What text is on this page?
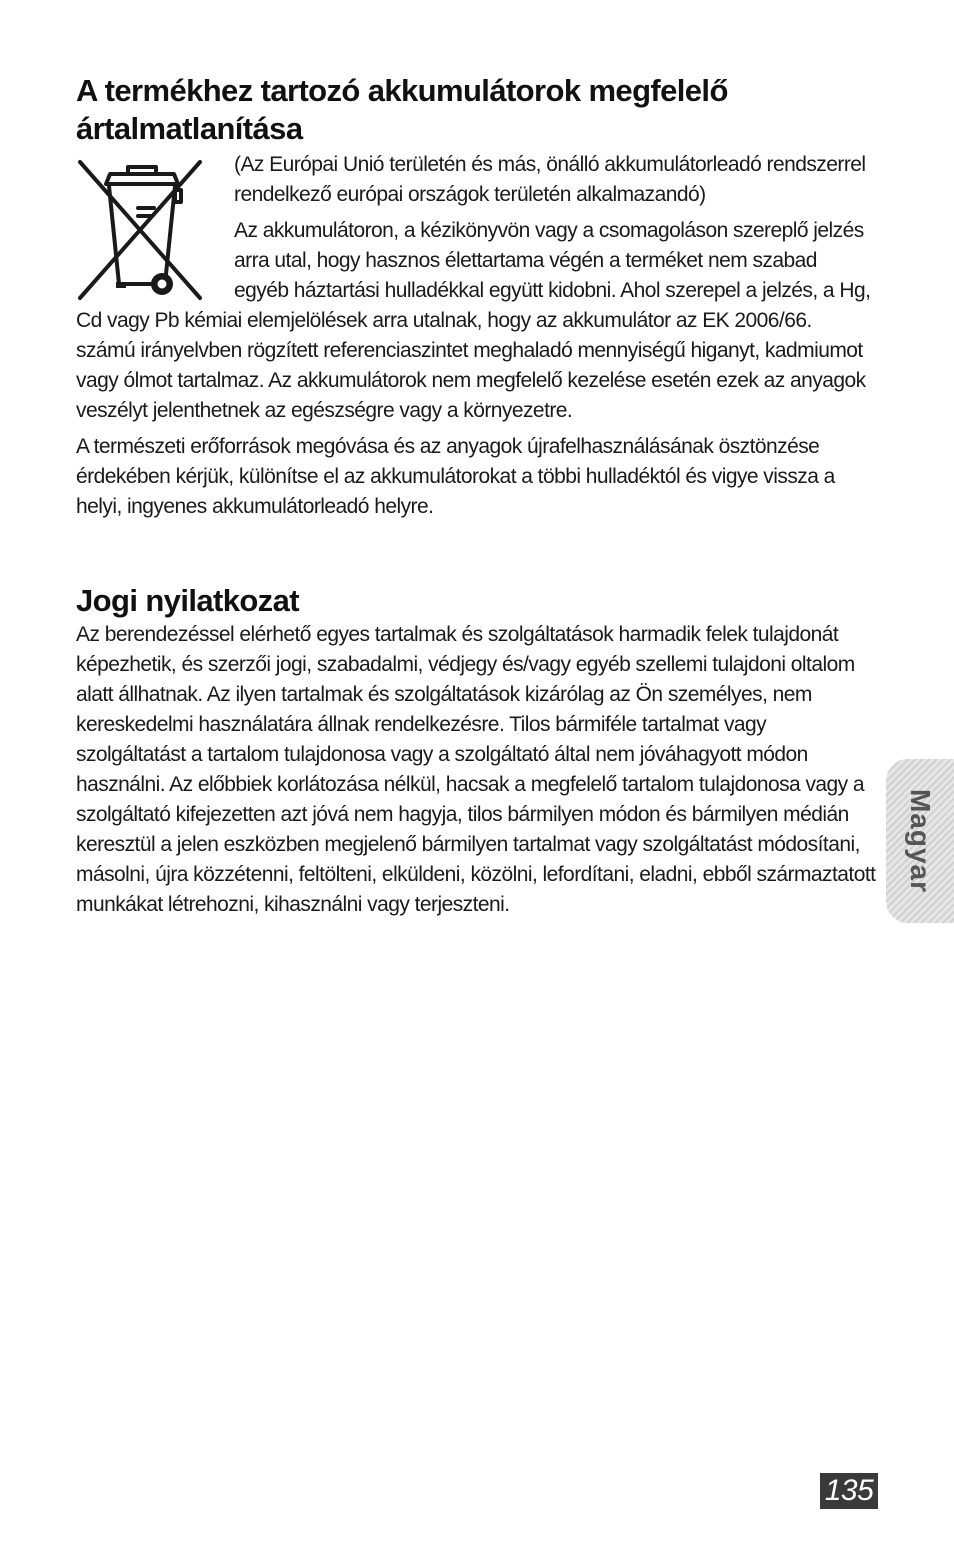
A termékhez tartozó akkumulátorok megfelelő ártalmatlanítása

(Az Európai Unió területén és más, önálló akkumulátorleadó rendszerrel rendelkező európai országok területén alkalmazandó)

Az akkumulátoron, a kézikönyvön vagy a csomagoláson szereplő jelzés arra utal, hogy hasznos élettartama végén a terméket nem szabad egyéb háztartási hulladékkal együtt kidobni. Ahol szerepel a jelzés, a Hg, Cd vagy Pb kémiai elemjelölések arra utalnak, hogy az akkumulátor az EK 2006/66. számú irányelvben rögzített referenciaszintet meghaladó mennyiségű higanyt, kadmiumot vagy ólmot tartalmaz. Az akkumulátorok nem megfelelő kezelése esetén ezek az anyagok veszélyt jelenthetnek az egészségre vagy a környezetre.

A természeti erőforrások megóvása és az anyagok újrafelhasználásának ösztönzése érdekében kérjük, különítse el az akkumulátorokat a többi hulladéktól és vigye vissza a helyi, ingyenes akkumulátorleadó helyre.

Jogi nyilatkozat

Az berendezéssel elérhető egyes tartalmak és szolgáltatások harmadik felek tulajdonát képezhetik, és szerzői jogi, szabadalmi, védjegy és/vagy egyéb szellemi tulajdoni oltalom alatt állhatnak. Az ilyen tartalmak és szolgáltatások kizárólag az Ön személyes, nem kereskedelmi használatára állnak rendelkezésre. Tilos bármiféle tartalmat vagy szolgáltatást a tartalom tulajdonosa vagy a szolgáltató által nem jóváhagyott módon használni. Az előbbiek korlátozása nélkül, hacsak a megfelelő tartalom tulajdonosa vagy a szolgáltató kifejezetten azt jóvá nem hagyja, tilos bármilyen módon és bármilyen médián keresztül a jelen eszközben megjelenő bármilyen tartalmat vagy szolgáltatást módosítani, másolni, újra közzétenni, feltölteni, elküldeni, közölni, lefordítani, eladni, ebből származtatott munkákat létrehozni, kihasználni vagy terjeszteni.

Magyar
135
